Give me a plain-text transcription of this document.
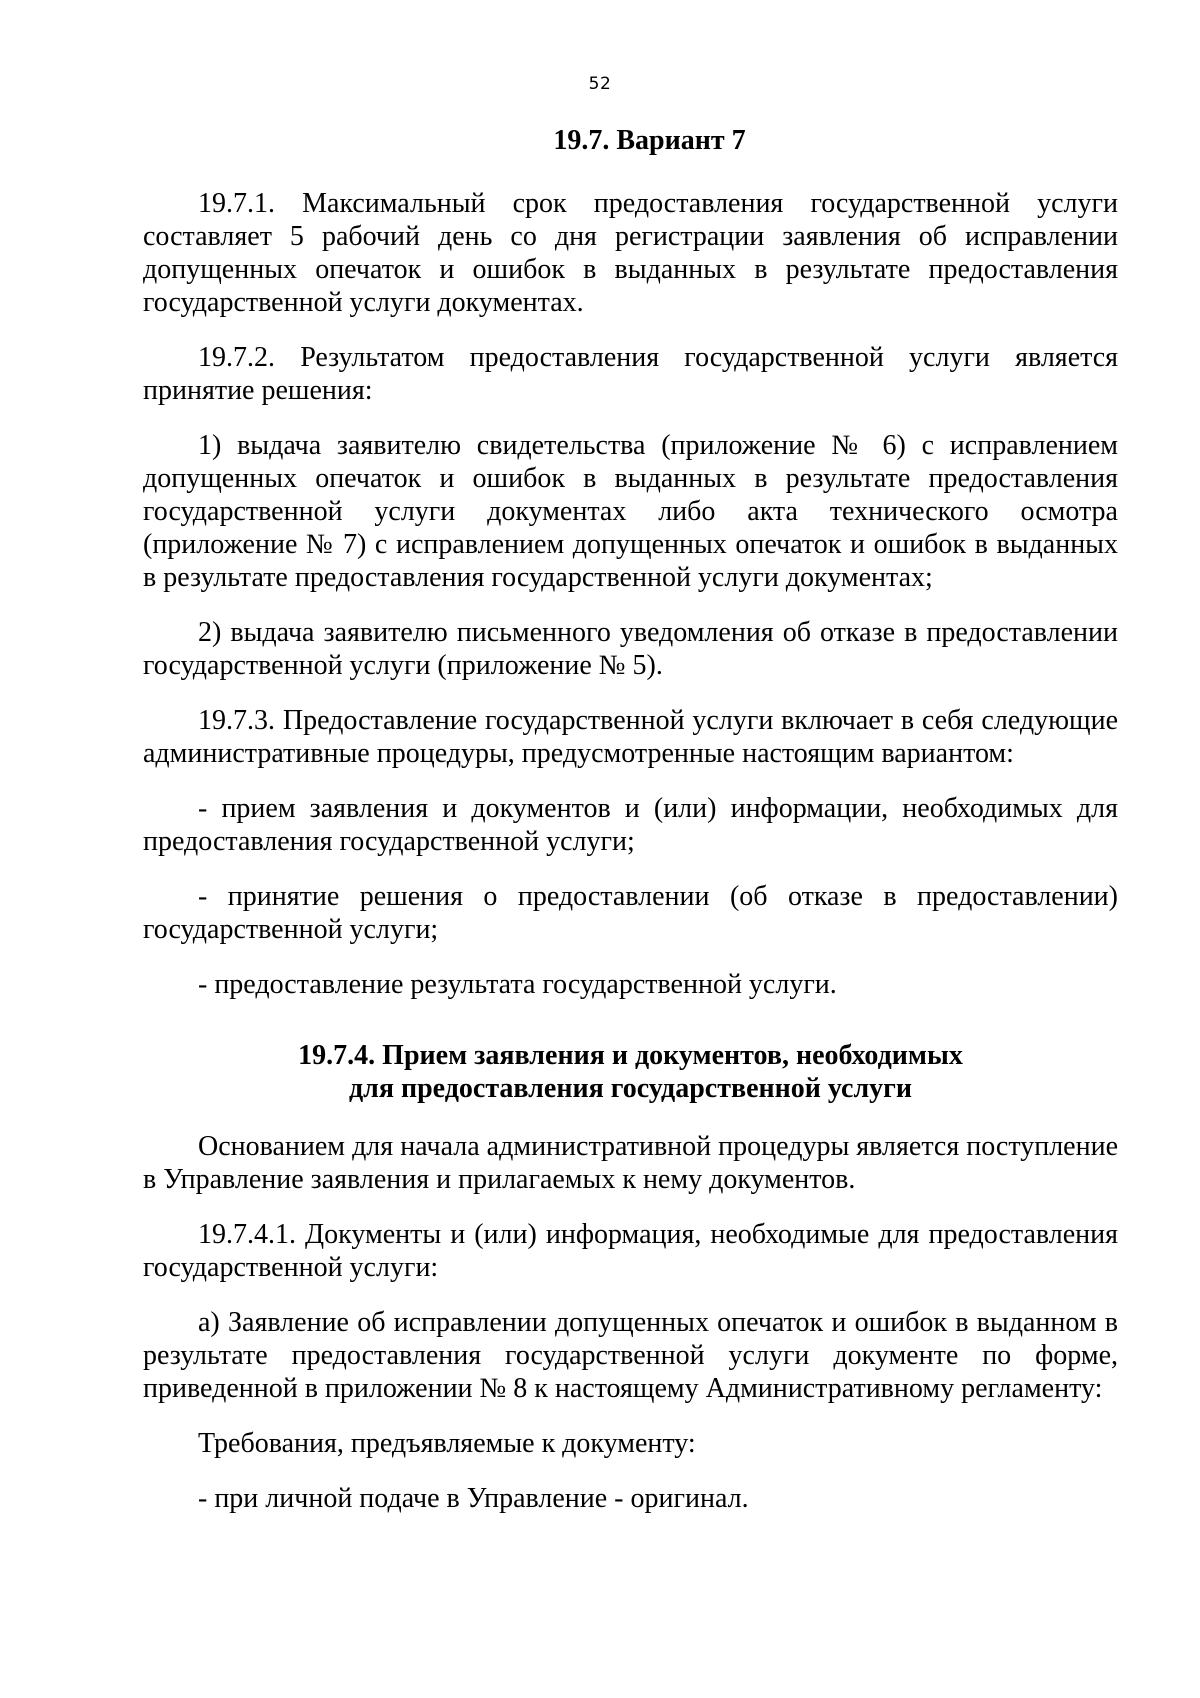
52
19.7. Вариант 7

19.7.1. Максимальный срок предоставления государственной услуги составляет 5 рабочий день со дня регистрации заявления об исправлении допущенных опечаток и ошибок в выданных в результате предоставления государственной услуги документах.

19.7.2. Результатом предоставления государственной услуги является принятие решения:

1) выдача заявителю свидетельства (приложение № 6) с исправлением допущенных опечаток и ошибок в выданных в результате предоставления государственной услуги документах либо акта технического осмотра (приложение № 7) с исправлением допущенных опечаток и ошибок в выданных в результате предоставления государственной услуги документах;

2) выдача заявителю письменного уведомления об отказе в предоставлении государственной услуги (приложение № 5).

19.7.3. Предоставление государственной услуги включает в себя следующие административные процедуры, предусмотренные настоящим вариантом:

- прием заявления и документов и (или) информации, необходимых для предоставления государственной услуги;

- принятие решения о предоставлении (об отказе в предоставлении) государственной услуги;

- предоставление результата государственной услуги.

19.7.4. Прием заявления и документов, необходимых
для предоставления государственной услуги

Основанием для начала административной процедуры является поступление в Управление заявления и прилагаемых к нему документов.

19.7.4.1. Документы и (или) информация, необходимые для предоставления государственной услуги:

а) Заявление об исправлении допущенных опечаток и ошибок в выданном в результате предоставления государственной услуги документе по форме, приведенной в приложении № 8 к настоящему Административному регламенту:

Требования, предъявляемые к документу:

- при личной подаче в Управление - оригинал.
